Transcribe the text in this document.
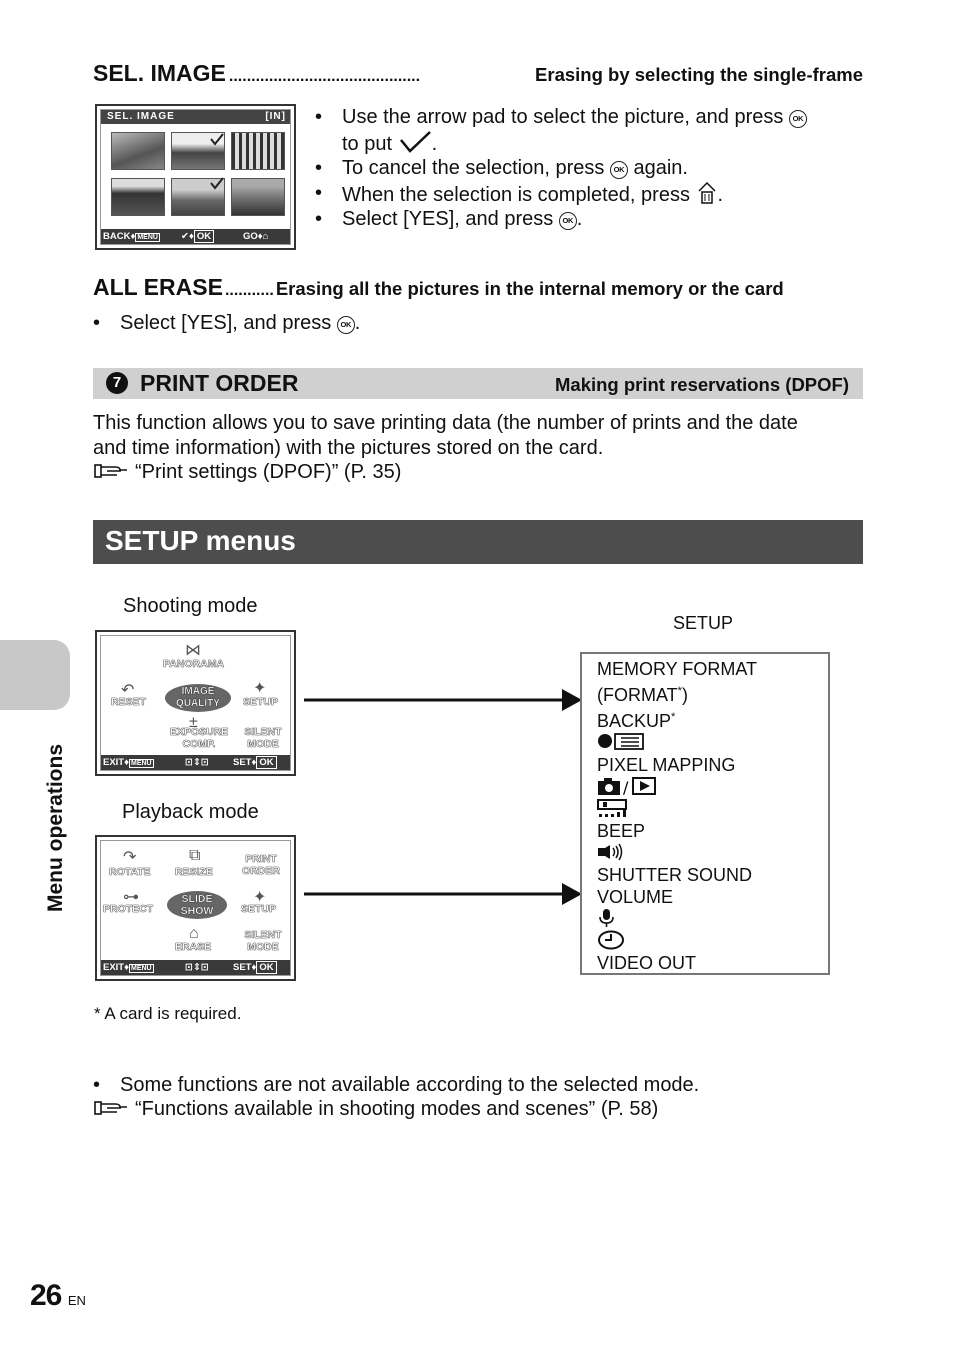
SEL. IMAGE ...........................................	Erasing by selecting the single-frame
SEL. IMAGE	[IN]
BACK♦ MENU ✔♦ OK	GO♦⌂
• Use the arrow pad to select the picture, and press OK
to put .
• To cancel the selection, press OK again.
• When the selection is completed, press .
• Select [YES], and press OK .
ALL ERASE ........... Erasing all the pictures in the internal memory or the card
• Select [YES], and press OK .
7 PRINT ORDER	Making print reservations (DPOF)
This function allows you to save printing data (the number of prints and the date
and time information) with the pictures stored on the card.
“Print settings (DPOF)” (P. 35)
SETUP menus
Shooting mode
Playback mode
SETUP
⋈
PANORAMA
↶
RESET
IMAGE QUALITY
✦
SETUP
±
EXPOSURE COMP.
SILENT MODE
EXIT♦ MENU	⊡⇕⊡	SET♦ OK
↷
ROTATE
⧉
RESIZE
PRINT ORDER
⊶
PROTECT
SLIDE SHOW
✦
SETUP
⌂
ERASE
SILENT MODE
EXIT♦ MENU	⊡⇕⊡	SET♦ OK
MEMORY FORMAT
(FORMAT*)
BACKUP*
PIXEL MAPPING
/
BEEP
SHUTTER SOUND
VOLUME
VIDEO OUT
* A card is required.
• Some functions are not available according to the selected mode.
“Functions available in shooting modes and scenes” (P. 58)
Menu operations
26 EN
